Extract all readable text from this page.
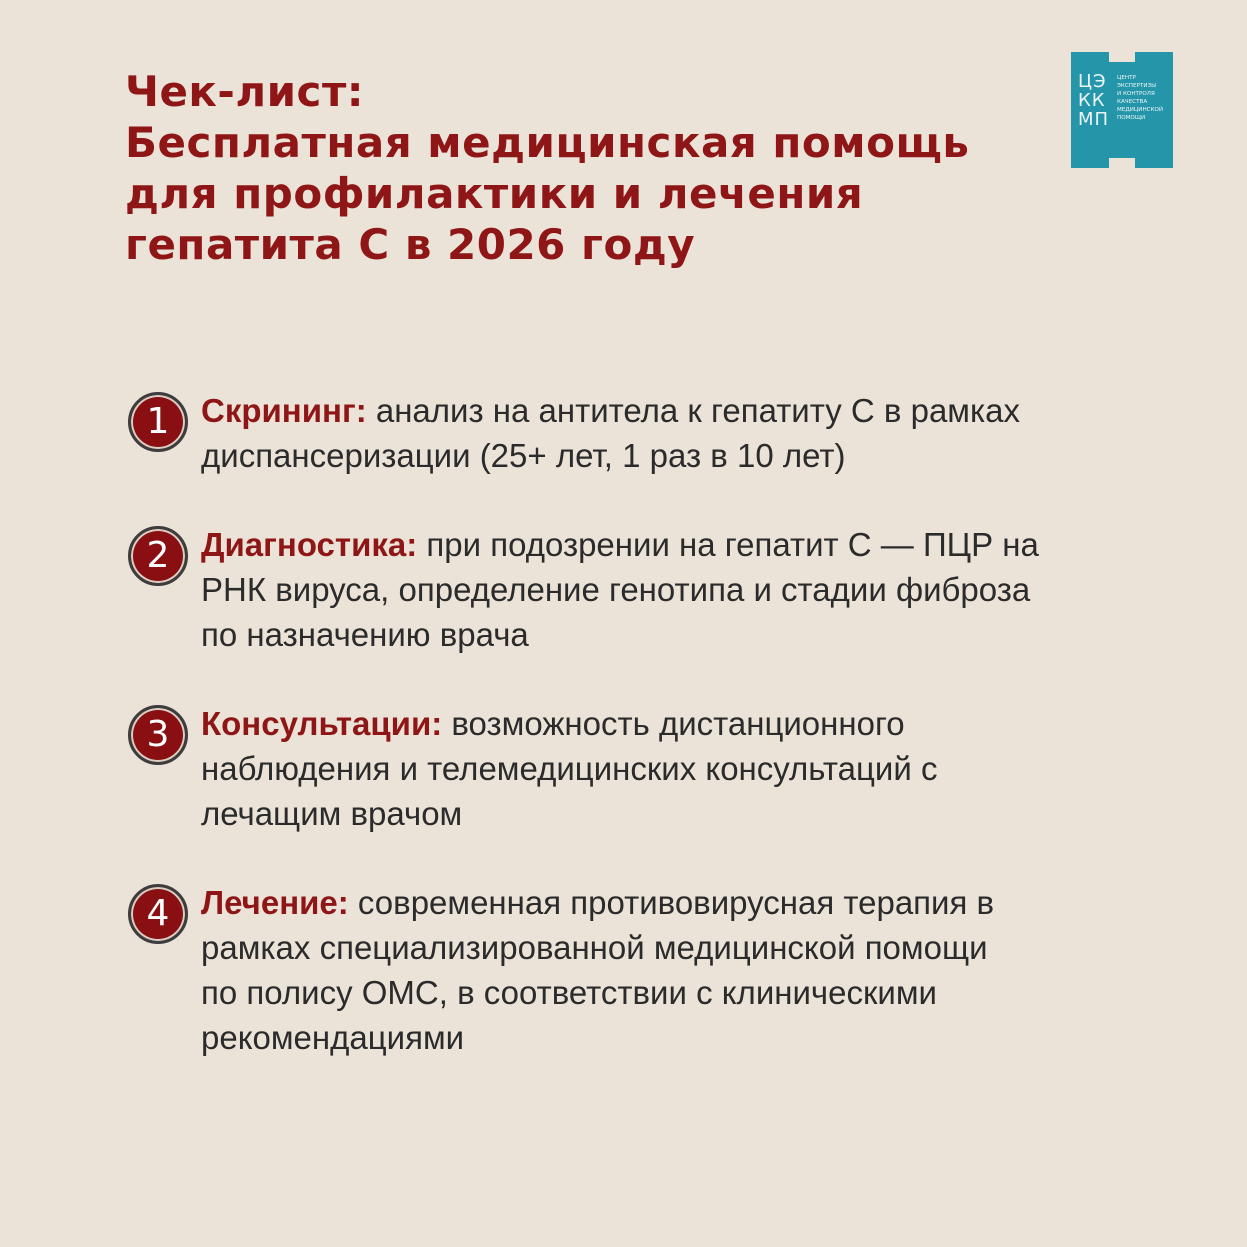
Чек-лист:
Бесплатная медицинская помощь
для профилактики и лечения
гепатита С в 2026 году
ЦЭ
КК
МП
ЦЕНТР
ЭКСПЕРТИЗЫ
И КОНТРОЛЯ
КАЧЕСТВА
МЕДИЦИНСКОЙ
ПОМОЩИ
1 Скрининг: анализ на антитела к гепатиту С в рамках
диспансеризации (25+ лет, 1 раз в 10 лет)
2 Диагностика: при подозрении на гепатит С — ПЦР на
РНК вируса, определение генотипа и стадии фиброза
по назначению врача
3 Консультации: возможность дистанционного
наблюдения и телемедицинских консультаций с
лечащим врачом
4 Лечение: современная противовирусная терапия в
рамках специализированной медицинской помощи
по полису ОМС, в соответствии с клиническими
рекомендациями
